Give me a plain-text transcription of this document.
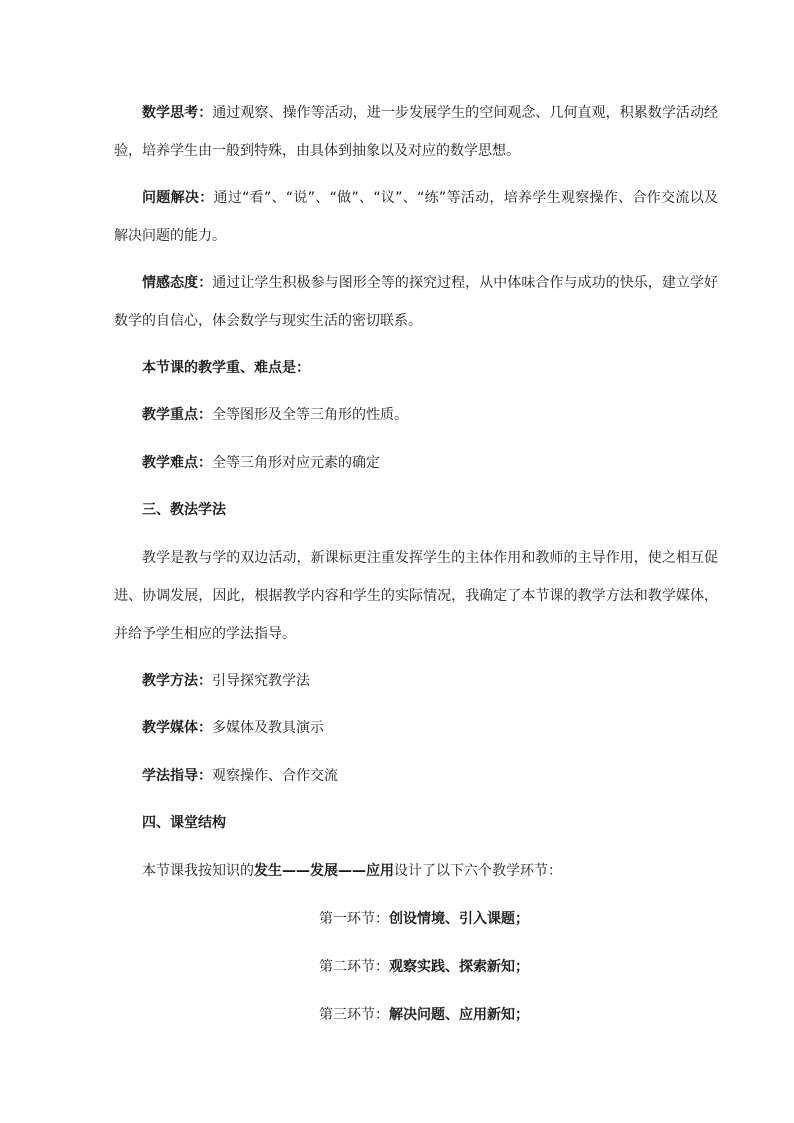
数学思考：通过观察、操作等活动，进一步发展学生的空间观念、几何直观，积累数学活动经验，培养学生由一般到特殊，由具体到抽象以及对应的数学思想。

问题解决：通过“看”、“说”、“做”、“议”、“练”等活动，培养学生观察操作、合作交流以及解决问题的能力。

情感态度：通过让学生积极参与图形全等的探究过程，从中体味合作与成功的快乐，建立学好数学的自信心，体会数学与现实生活的密切联系。

本节课的教学重、难点是：

教学重点：全等图形及全等三角形的性质。

教学难点：全等三角形对应元素的确定

三、教法学法

教学是教与学的双边活动，新课标更注重发挥学生的主体作用和教师的主导作用，使之相互促进、协调发展，因此，根据教学内容和学生的实际情况，我确定了本节课的教学方法和教学媒体，并给予学生相应的学法指导。

教学方法：引导探究教学法

教学媒体：多媒体及教具演示

学法指导：观察操作、合作交流

四、课堂结构

本节课我按知识的发生——发展——应用设计了以下六个教学环节：

第一环节：创设情境、引入课题；

第二环节：观察实践、探索新知；

第三环节：解决问题、应用新知；
